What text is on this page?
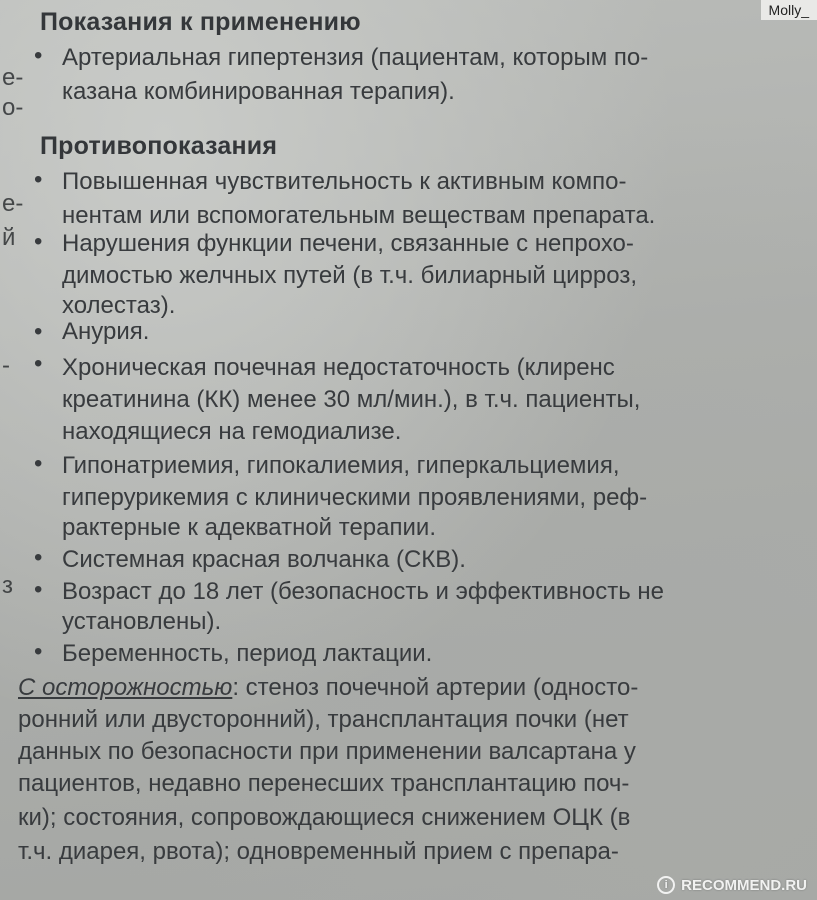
е-
о-
е-
й
-
з
Показания к применению
• Артериальная гипертензия (пациентам, которым по-
казана комбинированная терапия).
Противопоказания
• Повышенная чувствительность к активным компо-
нентам или вспомогательным веществам препарата.
• Нарушения функции печени, связанные с непрохо-
димостью желчных путей (в т.ч. билиарный цирроз,
холестаз).
• Анурия.
• Хроническая почечная недостаточность (клиренс
креатинина (КК) менее 30 мл/мин.), в т.ч. пациенты,
находящиеся на гемодиализе.
• Гипонатриемия, гипокалиемия, гиперкальциемия,
гиперурикемия с клиническими проявлениями, реф-
рактерные к адекватной терапии.
• Системная красная волчанка (СКВ).
• Возраст до 18 лет (безопасность и эффективность не
установлены).
• Беременность, период лактации.
С осторожностью: стеноз почечной артерии (односто-
ронний или двусторонний), трансплантация почки (нет
данных по безопасности при применении валсартана у
пациентов, недавно перенесших трансплантацию поч-
ки); состояния, сопровождающиеся снижением ОЦК (в
т.ч. диарея, рвота); одновременный прием с препара-
Molly_
i RECOMMEND.RU
